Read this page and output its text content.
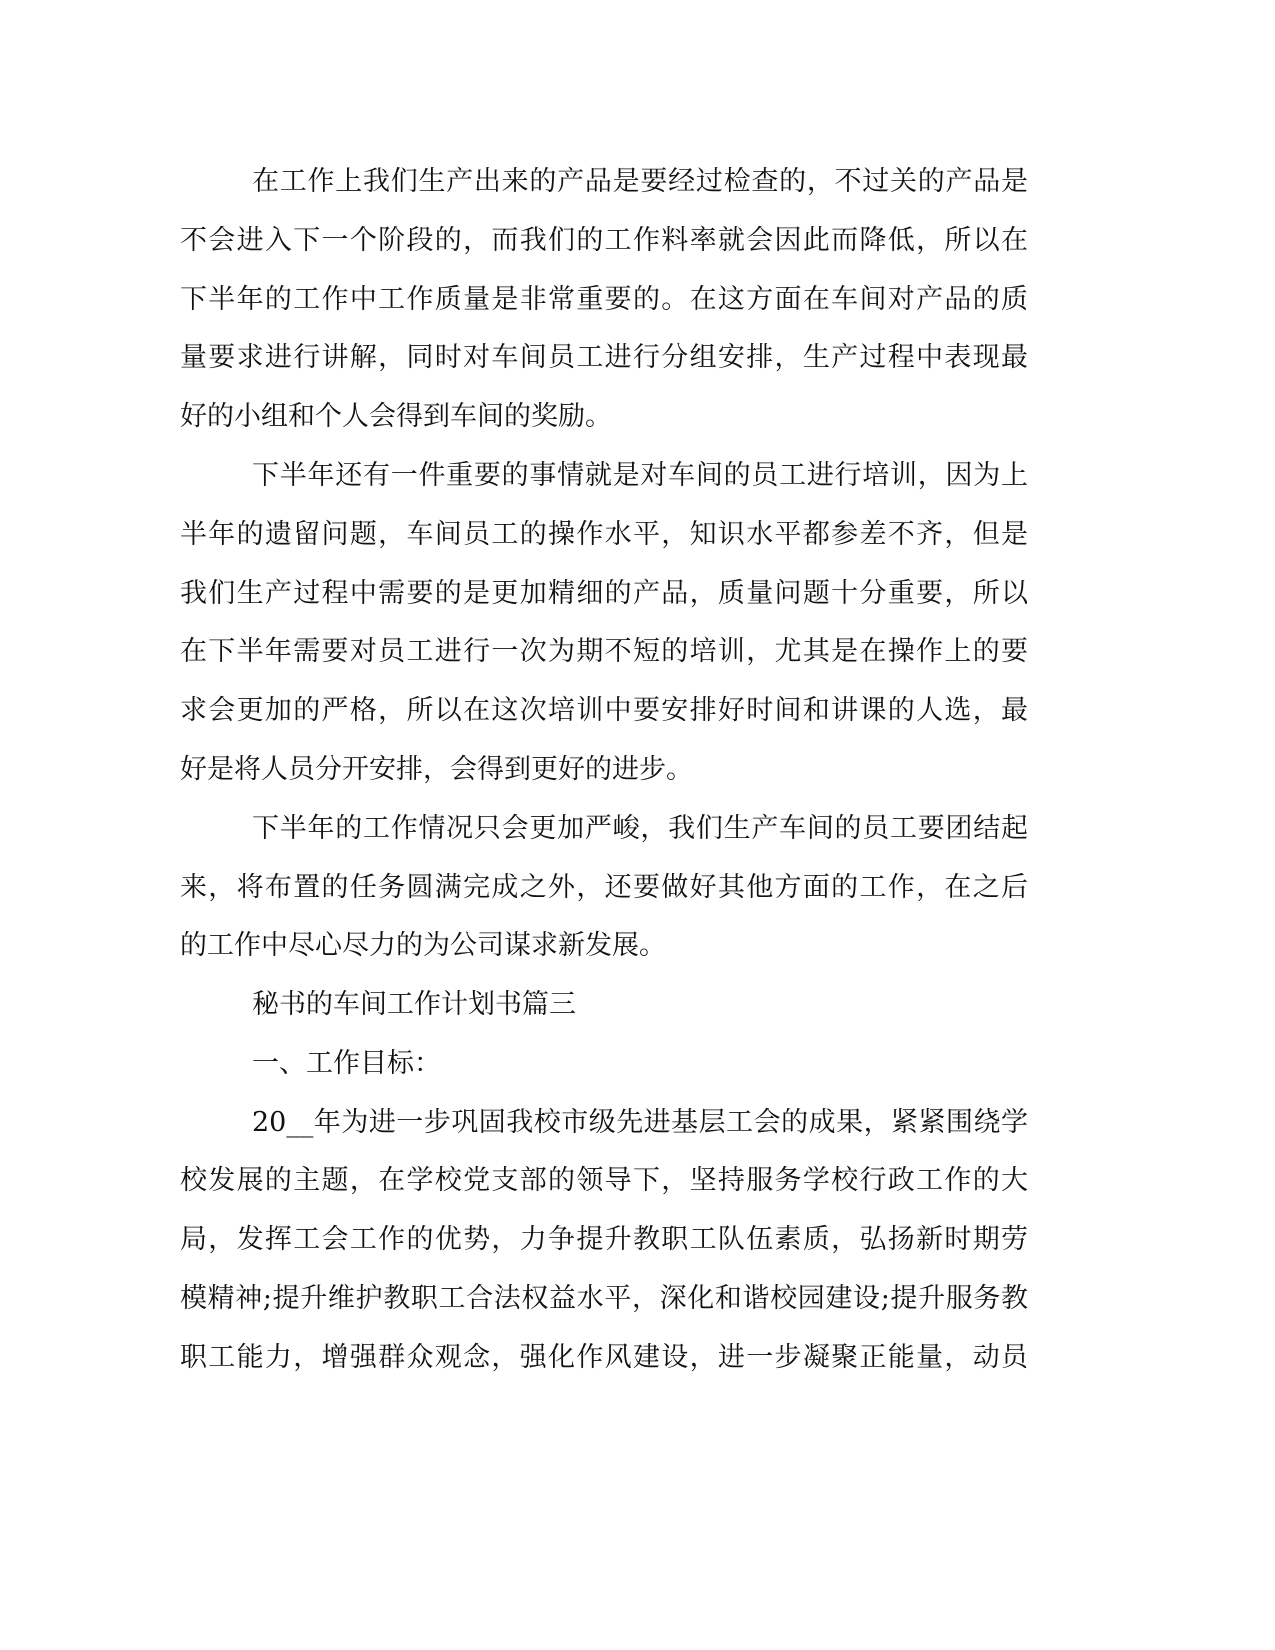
在工作上我们生产出来的产品是要经过检查的，不过关的产品是

不会进入下一个阶段的，而我们的工作料率就会因此而降低，所以在

下半年的工作中工作质量是非常重要的。在这方面在车间对产品的质

量要求进行讲解，同时对车间员工进行分组安排，生产过程中表现最

好的小组和个人会得到车间的奖励。

下半年还有一件重要的事情就是对车间的员工进行培训，因为上

半年的遗留问题，车间员工的操作水平，知识水平都参差不齐，但是

我们生产过程中需要的是更加精细的产品，质量问题十分重要，所以

在下半年需要对员工进行一次为期不短的培训，尤其是在操作上的要

求会更加的严格，所以在这次培训中要安排好时间和讲课的人选，最

好是将人员分开安排，会得到更好的进步。

下半年的工作情况只会更加严峻，我们生产车间的员工要团结起

来，将布置的任务圆满完成之外，还要做好其他方面的工作，在之后

的工作中尽心尽力的为公司谋求新发展。

秘书的车间工作计划书篇三

一、工作目标：

20__年为进一步巩固我校市级先进基层工会的成果，紧紧围绕学

校发展的主题，在学校党支部的领导下，坚持服务学校行政工作的大

局，发挥工会工作的优势，力争提升教职工队伍素质，弘扬新时期劳

模精神;提升维护教职工合法权益水平，深化和谐校园建设;提升服务教

职工能力，增强群众观念，强化作风建设，进一步凝聚正能量，动员
